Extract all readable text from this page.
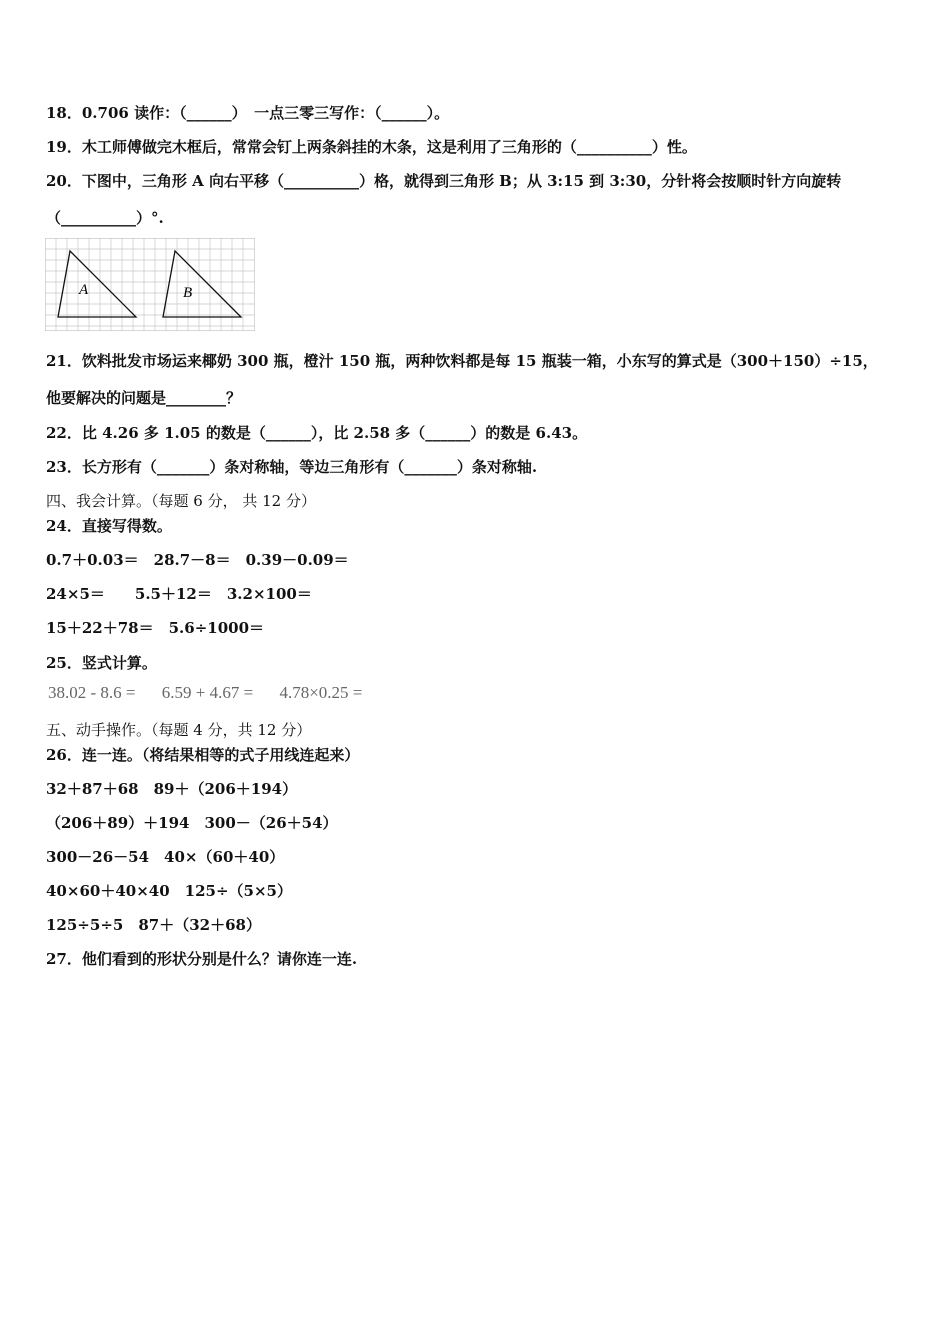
18．0.706 读作：（______）　一点三零三写作：（______）。
19．木工师傅做完木框后，常常会钉上两条斜挂的木条，这是利用了三角形的（__________）性。
20．下图中，三角形 A 向右平移（__________）格，就得到三角形 B；从 3:15 到 3:30，分针将会按顺时针方向旋转
（__________）°.
A	B
21．饮料批发市场运来椰奶 300 瓶，橙汁 150 瓶，两种饮料都是每 15 瓶装一箱，小东写的算式是（300＋150）÷15，
他要解决的问题是________？
22．比 4.26 多 1.05 的数是（______），比 2.58 多（______）的数是 6.43。
23．长方形有（_______）条对称轴，等边三角形有（_______）条对称轴.
四、我会计算。（每题 6 分， 共 12 分）
24．直接写得数。
0.7＋0.03＝　28.7－8＝　0.39－0.09＝
24×5＝　　5.5＋12＝　3.2×100＝
15＋22＋78＝　5.6÷1000＝
25．竖式计算。
38.02 - 8.6 = 6.59 + 4.67 = 4.78×0.25 =
五、动手操作。（每题 4 分，共 12 分）
26．连一连。（将结果相等的式子用线连起来）
32＋87＋68　89＋（206＋194）
（206＋89）＋194　300－（26＋54）
300－26－54　40×（60＋40）
40×60＋40×40　125÷（5×5）
125÷5÷5　87＋（32＋68）
27．他们看到的形状分别是什么？请你连一连.
